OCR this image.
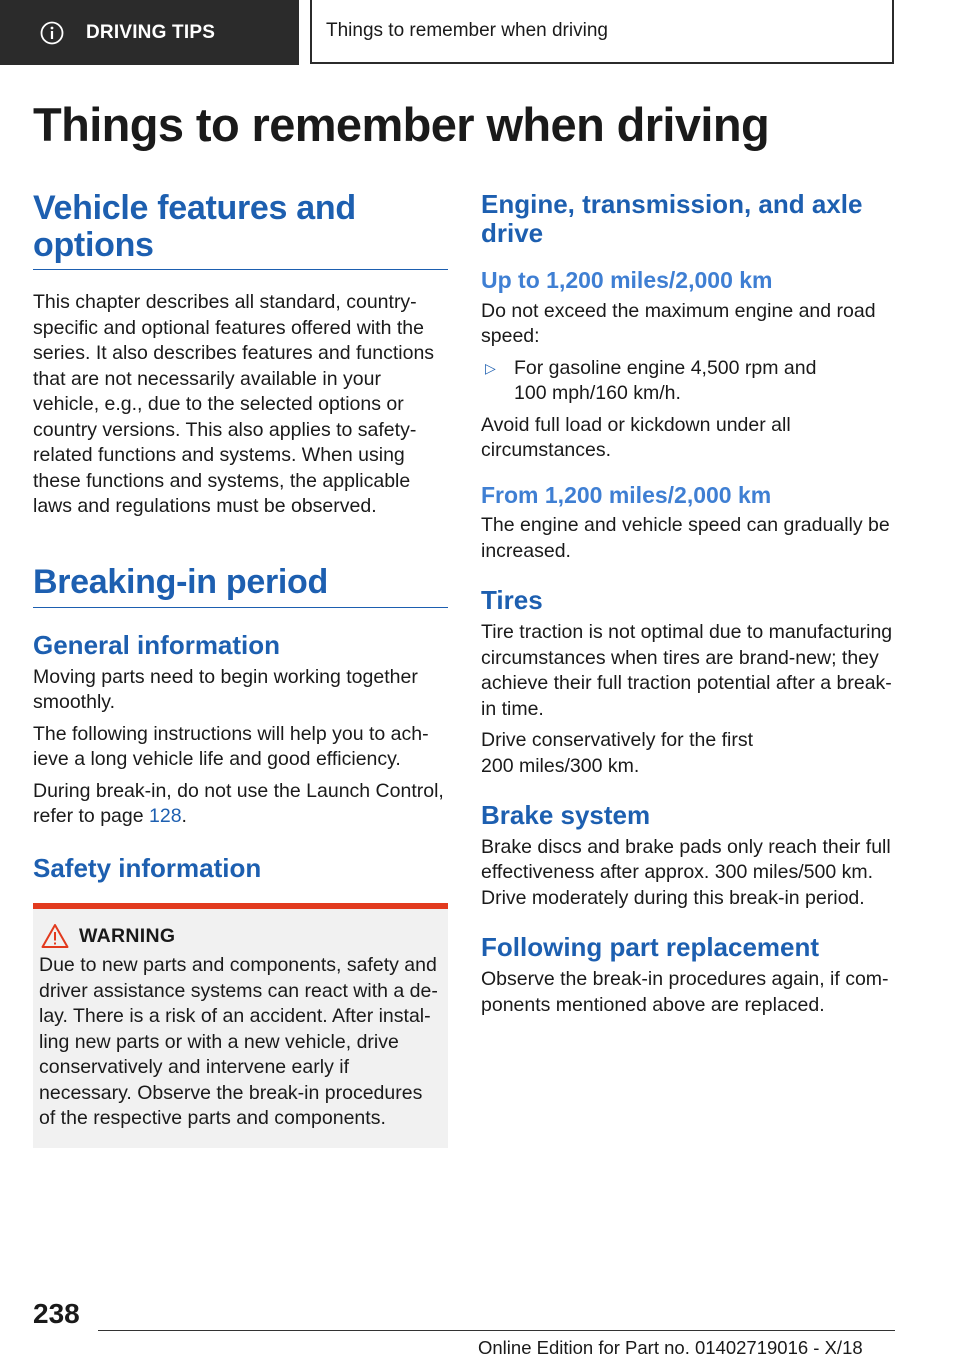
DRIVING TIPS	Things to remember when driving
Things to remember when driving
Vehicle features and options

This chapter describes all standard, country-specific and optional features offered with the series. It also describes features and functions that are not necessarily available in your vehicle, e.g., due to the selected options or country versions. This also applies to safety-related functions and systems. When using these functions and systems, the applicable laws and regulations must be observed.

Breaking-in period
General information

Moving parts need to begin working together smoothly.

The following instructions will help you to achieve a long vehicle life and good efficiency.

During break-in, do not use the Launch Control, refer to page 128.

Safety information
WARNING

Due to new parts and components, safety and driver assistance systems can react with a delay. There is a risk of an accident. After installing new parts or with a new vehicle, drive conservatively and intervene early if necessary. Observe the break-in procedures of the respective parts and components.

Engine, transmission, and axle drive
Up to 1,200 miles/2,000 km

Do not exceed the maximum engine and road speed:

▷ For gasoline engine 4,500 rpm and
100 mph/160 km/h.

Avoid full load or kickdown under all circumstances.

From 1,200 miles/2,000 km

The engine and vehicle speed can gradually be increased.

Tires

Tire traction is not optimal due to manufacturing circumstances when tires are brand-new; they achieve their full traction potential after a break-in time.

Drive conservatively for the first
200 miles/300 km.

Brake system

Brake discs and brake pads only reach their full effectiveness after approx. 300 miles/500 km. Drive moderately during this break-in period.

Following part replacement

Observe the break-in procedures again, if components mentioned above are replaced.

238
Online Edition for Part no. 01402719016 - X/18
